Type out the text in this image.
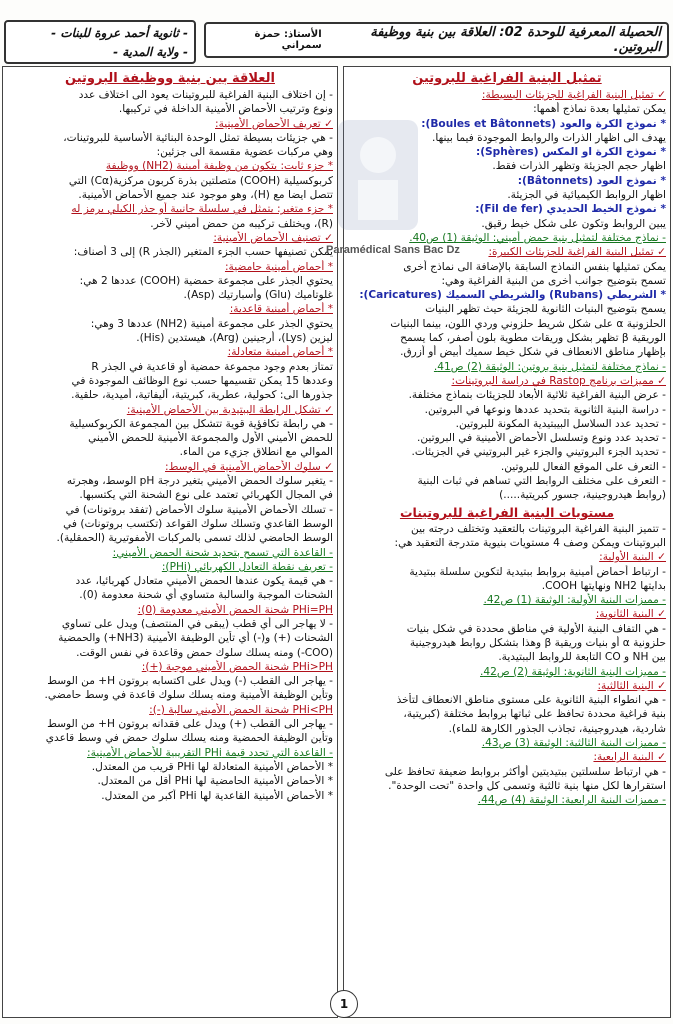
الحصيلة المعرفية للوحدة 02: العلاقة بين بنية ووظيفة البروتين.
الأستاذ: حمزة سمراني
- ثانوية أحمد عروة للبنات -
- ولاية المدية -
تمثيل البنية الفراغية للبروتين
✓ تمثيل البنية الفراغية للجزيئات البسيطة:
يمكن تمثيلها بعدة نماذج أهمها:
* نموذج الكرة والعود (Boules et Bâtonnets):
يهدف الى اظهار الذرات والروابط الموجودة فيما بينها.
* نموذج الكرة او المكس (Sphères):
اظهار حجم الجزيئة وتظهر الذرات فقط.
* نموذج العود (Bâtonnets):
اظهار الروابط الكيميائية في الجزيئة.
* نموذج الخيط الحديدي (Fil de fer):
يبين الروابط وتكون على شكل خيط رقيق.
- نماذج مختلفة لتمثيل بنية حمض أميني: الوثيقة (1) ص40.
✓ تمثيل البنية الفراغية للجزيئات الكبيرة:
يمكن تمثيلها بنفس النماذج السابقة بالإضافة الى نماذج أخرى
تسمح بتوضيح جوانب أخرى من البنية الفراغية وهي:
* الشريطي (Rubans) والشريطي السميك (Caricatures):
يسمح بتوضيح البنيات الثانوية للجزيئة حيث تظهر البنيات
الحلزونية α على شكل شريط حلزوني وردي اللون، بينما البنيات
الوريقية β تظهر بشكل وريقات مطوية بلون أصفر، كما يسمح
بإظهار مناطق الانعطاف في شكل خيط سميك أبيض أو أزرق.
- نماذج مختلفة لتمثيل بنية بروتين: الوثيقة (2) ص41.
✓ مميزات برنامج Rastop في دراسة البروتينات:
- عرض البنية الفراغية ثلاثية الأبعاد للجزيئات بنماذج مختلفة.
- دراسة البنية الثانوية بتحديد عددها ونوعها في البروتين.
- تحديد عدد السلاسل البيبتيدية المكونة للبروتين.
- تحديد عدد ونوع وتسلسل الأحماض الأمينية في البروتين.
- تحديد الجزء البروتيني والجزء غير البروتيني في الجزيئات.
- التعرف على الموقع الفعال للبروتين.
- التعرف على مختلف الروابط التي تساهم في ثبات البنية
(روابط هيدروجينية، جسور كبريتية.....)
مستويات البنية الفراغية للبروتينات
- تتميز البنية الفراغية البروتينات بالتعقيد وتختلف درجته بين
البروتينات ويمكن وصف 4 مستويات بنيوية متدرجة التعقيد هي:
✓ البنية الأولية:
- ارتباط أحماض أمينية بروابط ببتيدية لتكوين سلسلة ببتيدية
بدايتها NH2 ونهايتها COOH.
- مميزات البنية الأولية: الوثيقة (1) ص42.
✓ البنية الثانوية:
- هي التفاف البنية الأولية في مناطق محددة في شكل بنيات
حلزونية α أو بنيات وريقية β وهذا بتشكل روابط هيدروجينية
بين NH و CO التابعة للروابط الببتيدية.
- مميزات البنية الثانوية: الوثيقة (2) ص42.
✓ البنية الثالثية:
- هي انطواء البنية الثانوية على مستوى مناطق الانعطاف لتأخذ
بنية فراغية محددة تحافظ على ثباتها بروابط مختلفة (كبريتية،
شاردية، هيدروجينية، تجاذب الجذور الكارهة للماء).
- مميزات البنية الثالثية: الوثيقة (3) ص43.
✓ البنية الرابعية:
- هي ارتباط سلسلتين ببتيديتين أوأكثر بروابط ضعيفة تحافظ على
استقرارها لكل منها بنية ثالثية وتسمى كل واحدة "تحت الوحدة".
- مميزات البنية الرابعية: الوثيقة (4) ص44.
العلاقة بين بنية ووظيفة البروتين
- إن اختلاف البنية الفراغية للبروتينات يعود الى اختلاف عدد
ونوع وترتيب الأحماض الأمينية الداخلة في تركيبها.
✓ تعريف الأحماض الأمينية:
- هي جزيئات بسيطة تمثل الوحدة البنائية الأساسية للبروتينات،
وهي مركبات عضوية مقسمة الى جزئين:
* جزء ثابت: يتكون من وظيفة أمينية (NH2) ووظيفة
كربوكسيلية (COOH) متصلتين بذرة كربون مركزية(Cα) التي
تتصل ايضا مع (H)، وهو موجود عند جميع الأحماض الأمينية.
* جزء متغير: يتمثل في سلسلة جانبية أو جذر الكيلي يرمز له
(R)، ويختلف تركيبه من حمض أميني لآخر.
✓ تصنيف الأحماض الأمينية:
يمكن تصنيفها حسب الجزء المتغير (الجذر R) إلى 3 أصناف:
* أحماض أمينية حامضية:
يحتوي الجذر على مجموعة حمضية (COOH) عددها 2 هي:
غلوتاميك (Glu) وأسبارتيك (Asp).
* أحماض أمينية قاعدية:
يحتوي الجذر على مجموعة أمينية (NH2) عددها 3 وهي:
ليزين (Lys)، أرجينين (Arg)، هيستدين (His).
* أحماض أمينية متعادلة:
تمتاز بعدم وجود مجموعة حمضية أو قاعدية في الجذر R
وعددها 15 يمكن تقسيمها حسب نوع الوظائف الموجودة في
جذورها الى: كحولية، عطرية، كبريتية، أليفاتية، أميدية، حلقية.
✓ تشكل الرابطة الببتيدية بين الأحماض الأمينية:
- هي رابطة تكافؤية قوية تتشكل بين المجموعة الكربوكسيلية
للحمض الأميني الأول والمجموعة الأمينية للحمض الأميني
الموالي مع انطلاق جزيء من الماء.
✓ سلوك الأحماض الأمينية في الوسط:
- يتغير سلوك الحمض الأميني بتغير درجة pH الوسط، وهجرته
في المجال الكهربائي تعتمد على نوع الشحنة التي يكتسبها.
- تسلك الأحماض الأمينية سلوك الأحماض (تفقد بروتونات) في
الوسط القاعدي وتسلك سلوك القواعد (تكتسب بروتونات) في
الوسط الحامضي لذلك تسمى بالمركبات الأمفوتيرية (الحمقلية).
- القاعدة التي تسمح بتحديد شحنة الحمض الأميني:
- تعريف نقطة التعادل الكهربائي (PHi):
- هي قيمة يكون عندها الحمض الأميني متعادل كهربائيا، عدد
الشحنات الموجبة والسالبة متساوي أي شحنة معدومة (0).
PHi=PH شحنة الحمض الأميني معدومة (0):
- لا يهاجر الى أي قطب (يبقى في المنتصف) ويدل على تساوي
الشحنات (+) و(-) أي تأين الوظيفة الأمينية (NH3+) والحمضية
(COO-) ومنه يسلك سلوك حمض وقاعدة في نفس الوقت.
PHi>PH شحنة الحمض الأميني موجبة (+):
- يهاجر الى القطب (-) ويدل على اكتسابه بروتون H+ من الوسط
وتأين الوظيفة الأمينية ومنه يسلك سلوك قاعدة في وسط حامضي.
PHi<PH شحنة الحمض الأميني سالبة (-):
- يهاجر الى القطب (+) ويدل على فقدانه بروتون H+ من الوسط
وتأين الوظيفة الحمضية ومنه يسلك سلوك حمض في وسط قاعدي
- القاعدة التي تحدد قيمة PHi التقريبية للأحماض الأمينية:
* الأحماض الأمينية المتعادلة لها PHi قريب من المعتدل.
* الأحماض الأمينية الحامضية لها PHi أقل من المعتدل.
* الأحماض الأمينية القاعدية لها PHi أكبر من المعتدل.
Paramédical Sans Bac Dz
1
